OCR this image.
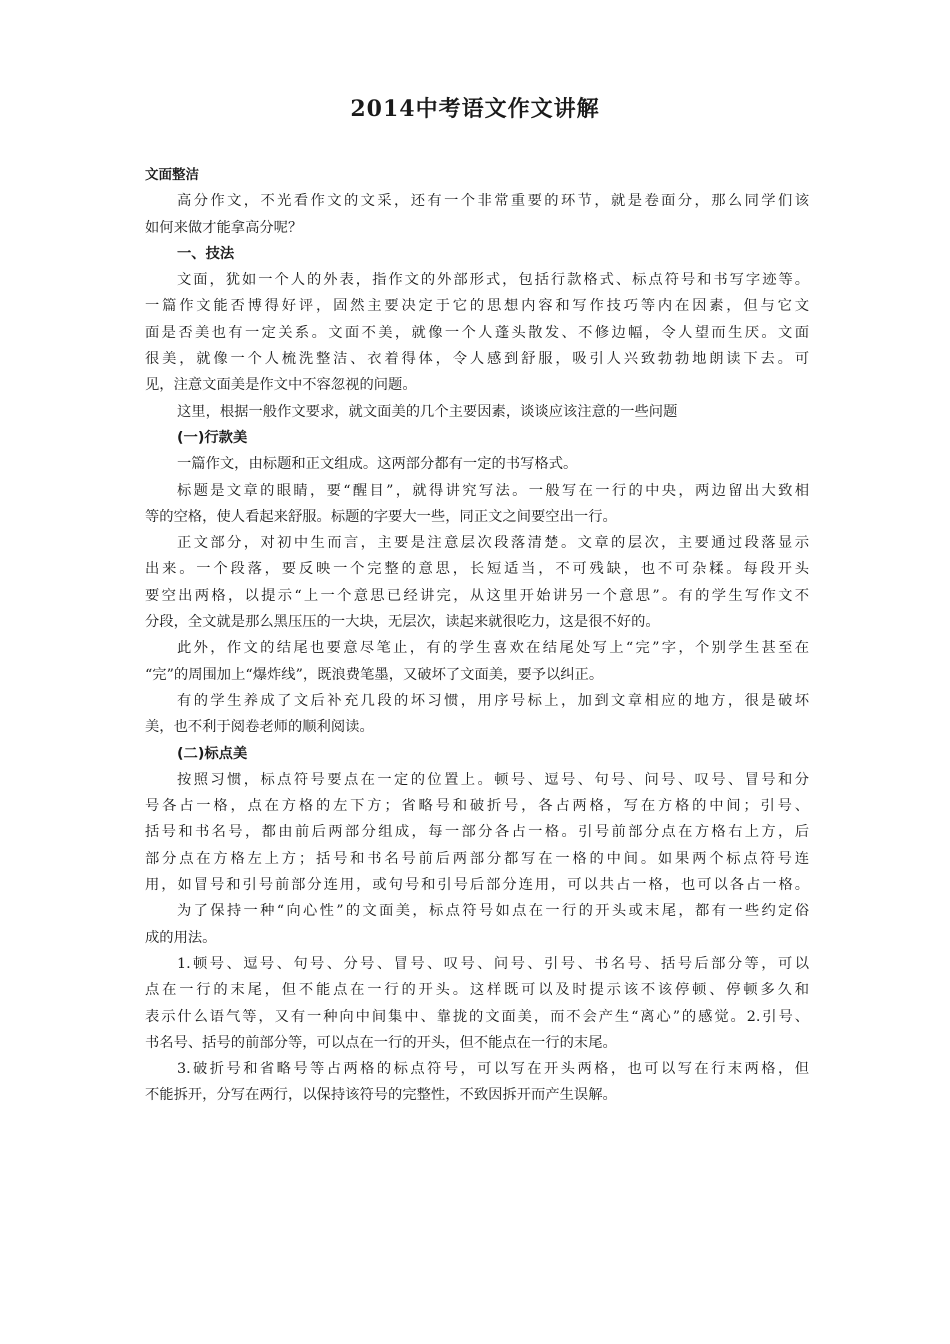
2014中考语文作文讲解
文面整洁
高分作文，不光看作文的文采，还有一个非常重要的环节，就是卷面分，那么同学们该
如何来做才能拿高分呢？
一、技法
文面，犹如一个人的外表，指作文的外部形式，包括行款格式、标点符号和书写字迹等。
一篇作文能否博得好评，固然主要决定于它的思想内容和写作技巧等内在因素，但与它文
面是否美也有一定关系。文面不美，就像一个人蓬头散发、不修边幅，令人望而生厌。文面
很美，就像一个人梳洗整洁、衣着得体，令人感到舒服，吸引人兴致勃勃地朗读下去。可
见，注意文面美是作文中不容忽视的问题。
这里，根据一般作文要求，就文面美的几个主要因素，谈谈应该注意的一些问题
(一)行款美
一篇作文，由标题和正文组成。这两部分都有一定的书写格式。
标题是文章的眼睛，要“醒目”，就得讲究写法。一般写在一行的中央，两边留出大致相
等的空格，使人看起来舒服。标题的字要大一些，同正文之间要空出一行。
正文部分，对初中生而言，主要是注意层次段落清楚。文章的层次，主要通过段落显示
出来。一个段落，要反映一个完整的意思，长短适当，不可残缺，也不可杂糅。每段开头
要空出两格，以提示“上一个意思已经讲完，从这里开始讲另一个意思”。有的学生写作文不
分段，全文就是那么黑压压的一大块，无层次，读起来就很吃力，这是很不好的。
此外，作文的结尾也要意尽笔止，有的学生喜欢在结尾处写上“完”字，个别学生甚至在
“完”的周围加上“爆炸线”，既浪费笔墨，又破坏了文面美，要予以纠正。
有的学生养成了文后补充几段的坏习惯，用序号标上，加到文章相应的地方，很是破坏
美，也不利于阅卷老师的顺利阅读。
(二)标点美
按照习惯，标点符号要点在一定的位置上。顿号、逗号、句号、问号、叹号、冒号和分
号各占一格，点在方格的左下方；省略号和破折号，各占两格，写在方格的中间；引号、
括号和书名号，都由前后两部分组成，每一部分各占一格。引号前部分点在方格右上方，后
部分点在方格左上方；括号和书名号前后两部分都写在一格的中间。如果两个标点符号连
用，如冒号和引号前部分连用，或句号和引号后部分连用，可以共占一格，也可以各占一格。
为了保持一种“向心性”的文面美，标点符号如点在一行的开头或末尾，都有一些约定俗
成的用法。
1.顿号、逗号、句号、分号、冒号、叹号、问号、引号、书名号、括号后部分等，可以
点在一行的末尾，但不能点在一行的开头。这样既可以及时提示该不该停顿、停顿多久和
表示什么语气等，又有一种向中间集中、靠拢的文面美，而不会产生“离心”的感觉。2.引号、
书名号、括号的前部分等，可以点在一行的开头，但不能点在一行的末尾。
3.破折号和省略号等占两格的标点符号，可以写在开头两格，也可以写在行末两格，但
不能拆开，分写在两行，以保持该符号的完整性，不致因拆开而产生误解。
